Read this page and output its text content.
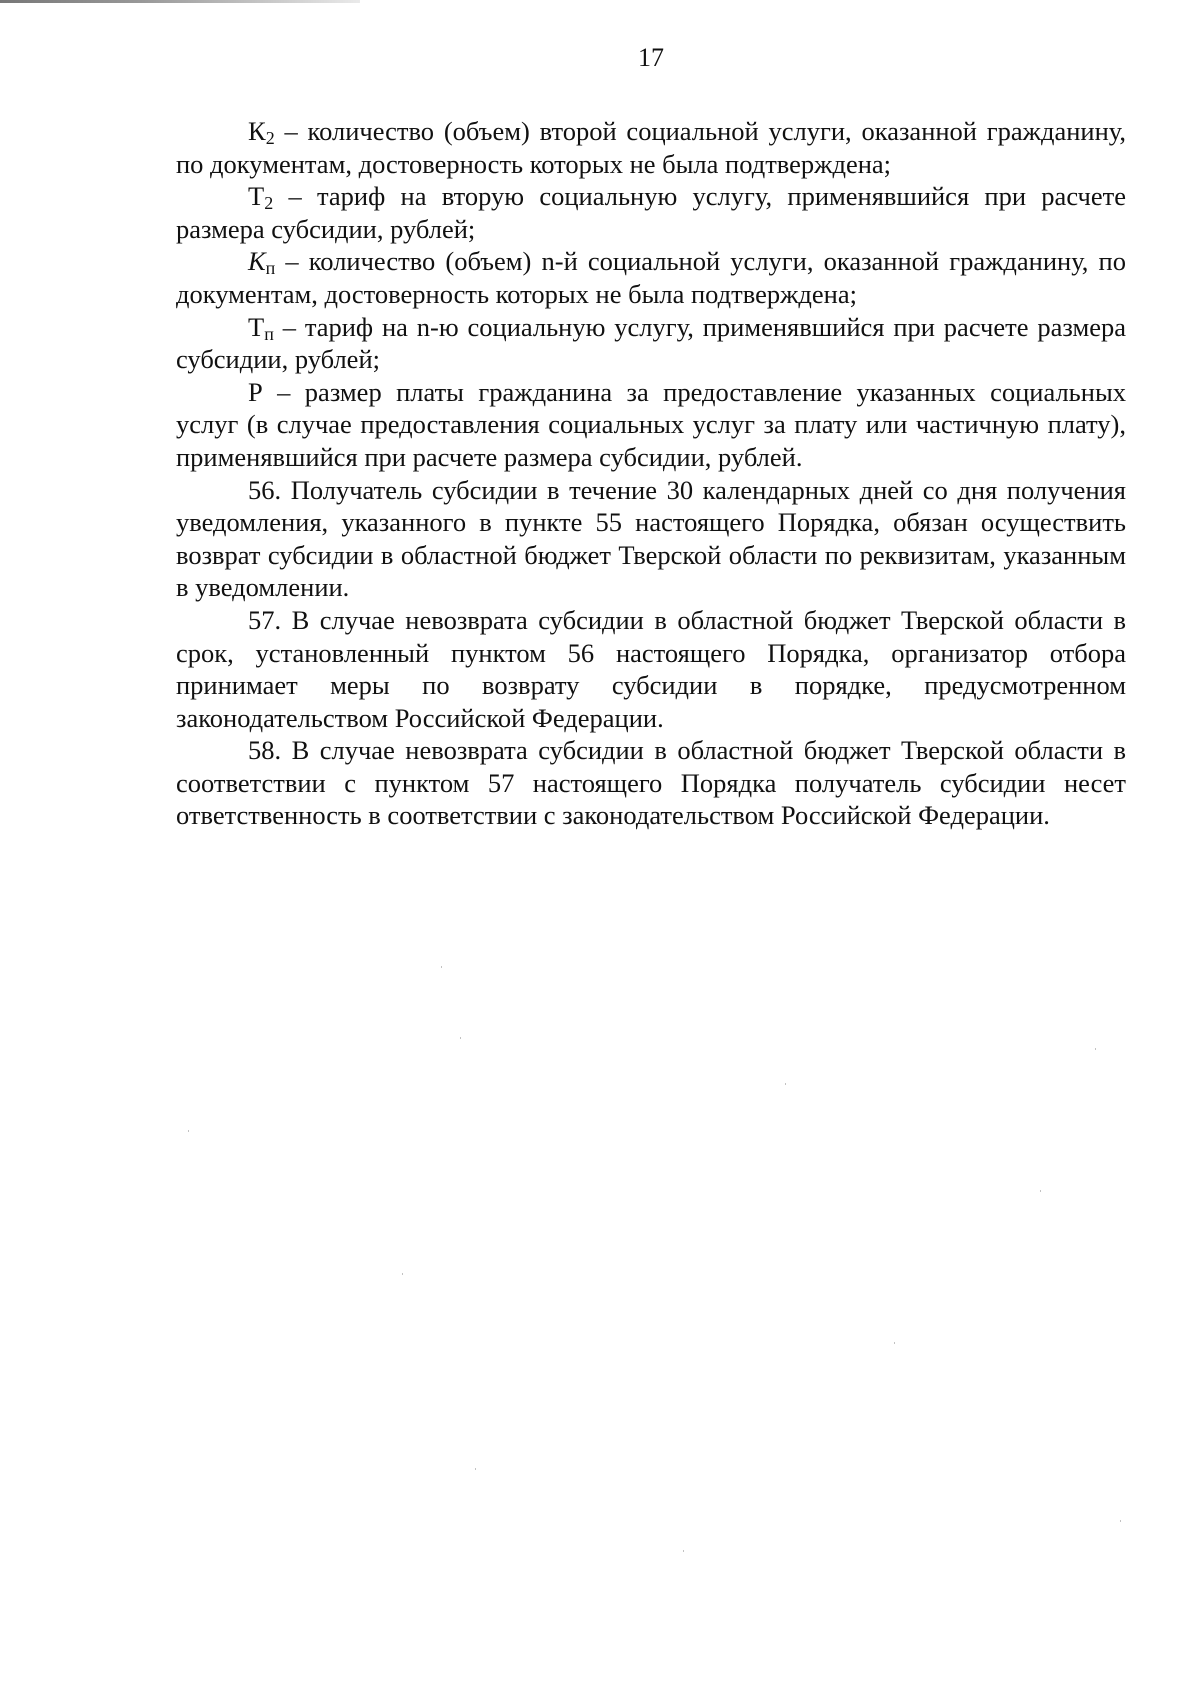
17

$К_2$ – количество (объем) второй социальной услуги, оказанной гражданину, по документам, достоверность которых не была подтверждена;

$Т_2$ – тариф на вторую социальную услугу, применявшийся при расчете размера субсидии, рублей;

$К_п$ – количество (объем) n-й социальной услуги, оказанной гражданину, по документам, достоверность которых не была подтверждена;

$Т_п$ – тариф на n-ю социальную услугу, применявшийся при расчете размера субсидии, рублей;

Р – размер платы гражданина за предоставление указанных социальных услуг (в случае предоставления социальных услуг за плату или частичную плату), применявшийся при расчете размера субсидии, рублей.

56. Получатель субсидии в течение 30 календарных дней со дня получения уведомления, указанного в пункте 55 настоящего Порядка, обязан осуществить возврат субсидии в областной бюджет Тверской области по реквизитам, указанным в уведомлении.

57. В случае невозврата субсидии в областной бюджет Тверской области в срок, установленный пунктом 56 настоящего Порядка, организатор отбора принимает меры по возврату субсидии в порядке, предусмотренном законодательством Российской Федерации.

58. В случае невозврата субсидии в областной бюджет Тверской области в соответствии с пунктом 57 настоящего Порядка получатель субсидии несет ответственность в соответствии с законодательством Российской Федерации.
